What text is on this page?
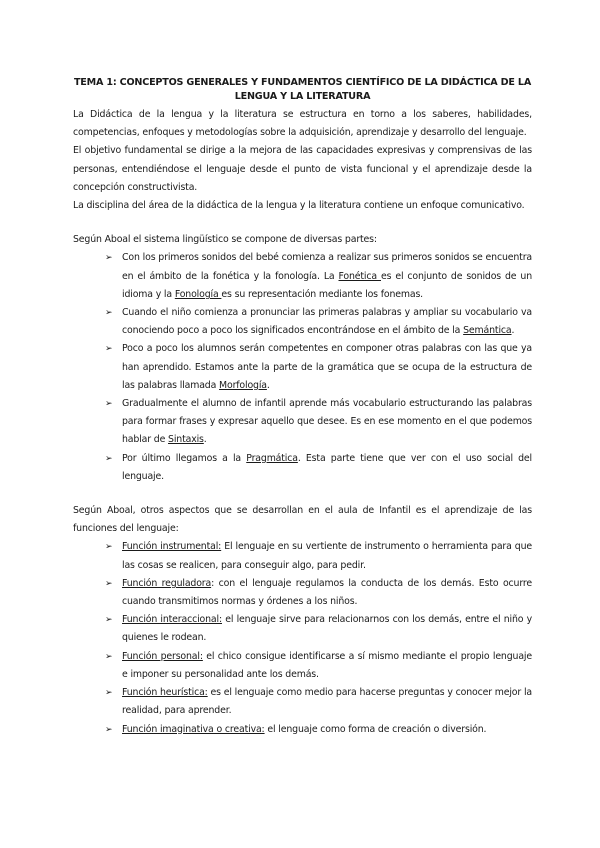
TEMA 1: CONCEPTOS GENERALES Y FUNDAMENTOS CIENTÍFICO DE LA DIDÁCTICA DE LA LENGUA Y LA LITERATURA

La Didáctica de la lengua y la literatura se estructura en torno a los saberes, habilidades, competencias, enfoques y metodologías sobre la adquisición, aprendizaje y desarrollo del lenguaje.

El objetivo fundamental se dirige a la mejora de las capacidades expresivas y comprensivas de las personas, entendiéndose el lenguaje desde el punto de vista funcional y el aprendizaje desde la concepción constructivista.

La disciplina del área de la didáctica de la lengua y la literatura contiene un enfoque comunicativo.

Según Aboal el sistema lingüístico se compone de diversas partes:

➢ Con los primeros sonidos del bebé comienza a realizar sus primeros sonidos se encuentra en el ámbito de la fonética y la fonología. La Fonética es el conjunto de sonidos de un idioma y la Fonología es su representación mediante los fonemas.
➢ Cuando el niño comienza a pronunciar las primeras palabras y ampliar su vocabulario va conociendo poco a poco los significados encontrándose en el ámbito de la Semántica.
➢ Poco a poco los alumnos serán competentes en componer otras palabras con las que ya han aprendido. Estamos ante la parte de la gramática que se ocupa de la estructura de las palabras llamada Morfología.
➢ Gradualmente el alumno de infantil aprende más vocabulario estructurando las palabras para formar frases y expresar aquello que desee. Es en ese momento en el que podemos hablar de Sintaxis.
➢ Por último llegamos a la Pragmática. Esta parte tiene que ver con el uso social del lenguaje.

Según Aboal, otros aspectos que se desarrollan en el aula de Infantil es el aprendizaje de las funciones del lenguaje:

➢ Función instrumental: El lenguaje en su vertiente de instrumento o herramienta para que las cosas se realicen, para conseguir algo, para pedir.
➢ Función reguladora: con el lenguaje regulamos la conducta de los demás. Esto ocurre cuando transmitimos normas y órdenes a los niños.
➢ Función interaccional: el lenguaje sirve para relacionarnos con los demás, entre el niño y quienes le rodean.
➢ Función personal: el chico consigue identificarse a sí mismo mediante el propio lenguaje e imponer su personalidad ante los demás.
➢ Función heurística: es el lenguaje como medio para hacerse preguntas y conocer mejor la realidad, para aprender.
➢ Función imaginativa o creativa: el lenguaje como forma de creación o diversión.
